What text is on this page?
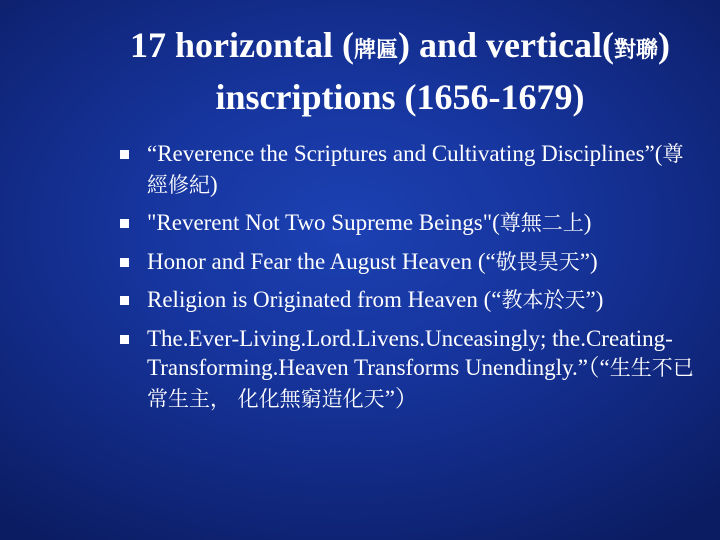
17 horizontal (牌匾) and vertical(對聯) inscriptions (1656-1679)
“Reverence the Scriptures and Cultivating Disciplines”(尊經修紀)
"Reverent Not Two Supreme Beings"(尊無二上)
Honor and Fear the August Heaven (“敬畏昊天”)
Religion is Originated from Heaven (“教本於天”)
The.Ever-Living.Lord.Livens.Unceasingly; the.Creating-Transforming.Heaven Transforms Unendingly.”（“生生不已常生主， 化化無窮造化天”）
